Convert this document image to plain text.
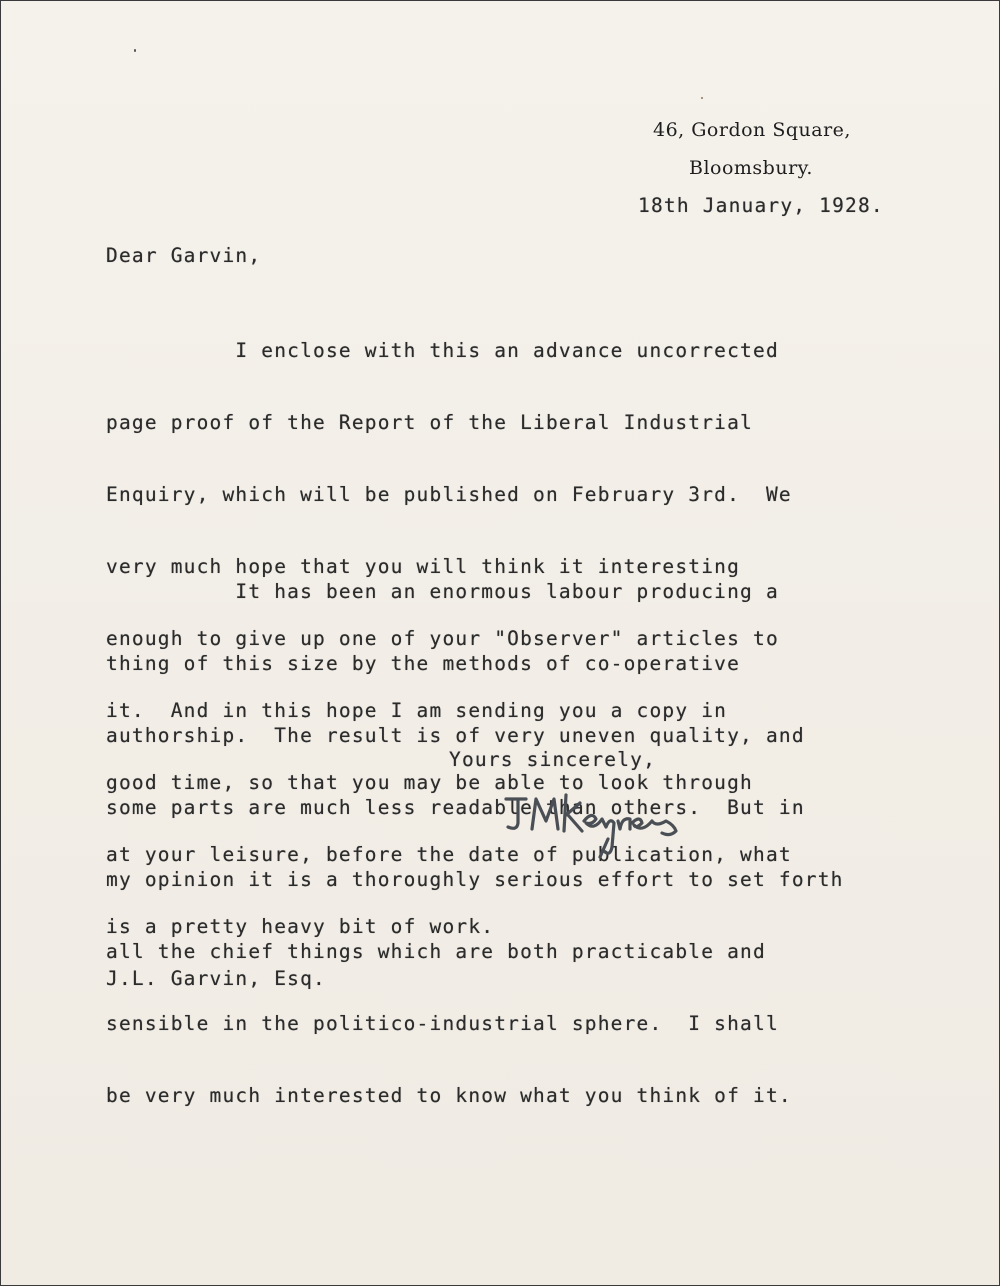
46, Gordon Square,
Bloomsbury.
18th January, 1928.
Dear Garvin,

I enclose with this an advance uncorrected

page proof of the Report of the Liberal Industrial

Enquiry, which will be published on February 3rd.  We

very much hope that you will think it interesting

enough to give up one of your "Observer" articles to

it.  And in this hope I am sending you a copy in

good time, so that you may be able to look through

at your leisure, before the date of publication, what

is a pretty heavy bit of work.

It has been an enormous labour producing a

thing of this size by the methods of co-operative

authorship.  The result is of very uneven quality, and

some parts are much less readable than others.  But in

my opinion it is a thoroughly serious effort to set forth

all the chief things which are both practicable and

sensible in the politico-industrial sphere.  I shall

be very much interested to know what you think of it.

Yours sincerely,
J.L. Garvin, Esq.
